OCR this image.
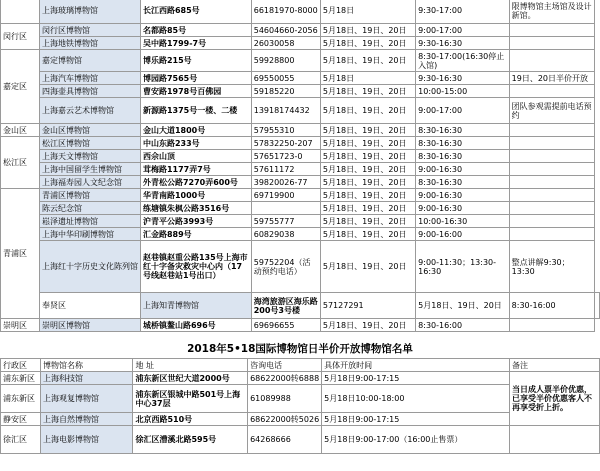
	上海玻璃博物馆	长江西路685号	66181970-8000	5月18日	9:30-17:00	限博物馆主场馆及设计新馆。	
闵行区	闵行区博物馆	名都路85号	54604660-2056	5月18日、19日、20日	9:00-17:00		
	上海地铁博物馆	吴中路1799-7号	26030058	5月18日、19日、20日	9:30-16:30		
嘉定区	嘉定博物馆	博乐路215号	59928800	5月18日、19日、20日	8:30-17:00(16:30停止入馆)		
	上海汽车博物馆	博园路7565号	69550055	5月18日	9:30-16:30	19日、20日半价开放	
	四海壶具博物馆	曹安路1978号百佛园	59185220	5月18日、19日、20日	10:00-15:00		
	上海嘉云艺术博物馆	新源路1375号一楼、二楼	13918174432	5月18日、19日、20日	9:00-17:00	团队参观需提前电话预约	
金山区	金山区博物馆	金山大道1800号	57955310	5月18日、19日、20日	8:30-16:30		
松江区	松江区博物馆	中山东路233号	57832250-207	5月18日、19日、20日	8:30-16:30		
	上海天文博物馆	西佘山顶	57651723-0	5月18日、19日、20日	8:30-16:30		
	上海中国留学生博物馆	茸梅路1177弄7号	57611172	5月18日、19日、20日	9:00-16:30		
	上海福寿园人文纪念馆	外青松公路7270弄600号	39820026-77	5月18日、19日、20日	8:30-16:30		
青浦区	青浦区博物馆	华青南路1000号	69719900	5月18日、19日、20日	9:00-16:30		
	陈云纪念馆	练塘镇朱枫公路3516号		5月18日、19日、20日	9:00-16:30		
	崧泽遗址博物馆	沪青平公路3993号	59755777	5月18日、19日、20日	10:00-16:30		
	上海中华印刷博物馆	汇金路889号	60829038	5月18日、19日、20日	9:00-16:00		
	上海红十字历史文化陈列馆	赵巷镇赵重公路135号上海市红十字备灾救灾中心内（17号线赵巷站1号出口）	59752204（活动预约电话）	5月18日、19日、20日	9:00-11:30；13:30-16:30	整点讲解9:30；13:30	
	奉贤区	上海知青博物馆	海湾旅游区海乐路200号3号楼	57127291	5月18日、19日、20日	8:30-16:00	
崇明区	崇明区博物馆	城桥镇鳌山路696号	69696655	5月18日、19日、20日	8:30-16:00		
2018年5•18国际博物馆日半价开放博物馆名单
行政区	博物馆名称	地 址	咨询电话	具体开放时间	备注
浦东新区	上海科技馆	浦东新区世纪大道2000号	68622000转6888	5月18日9:00-17:15	当日成人票半价优惠，已享受半价优惠客人不再享受折上折。
浦东新区	上海观复博物馆	浦东新区银城中路501号上海中心37层	61089988	5月18日10:00-18:00	
静安区	上海自然博物馆	北京西路510号	68622000转5026	5月18日9:00-17:15	
徐汇区	上海电影博物馆	徐汇区漕溪北路595号	64268666	5月18日9:00-17:00（16:00止售票）	
